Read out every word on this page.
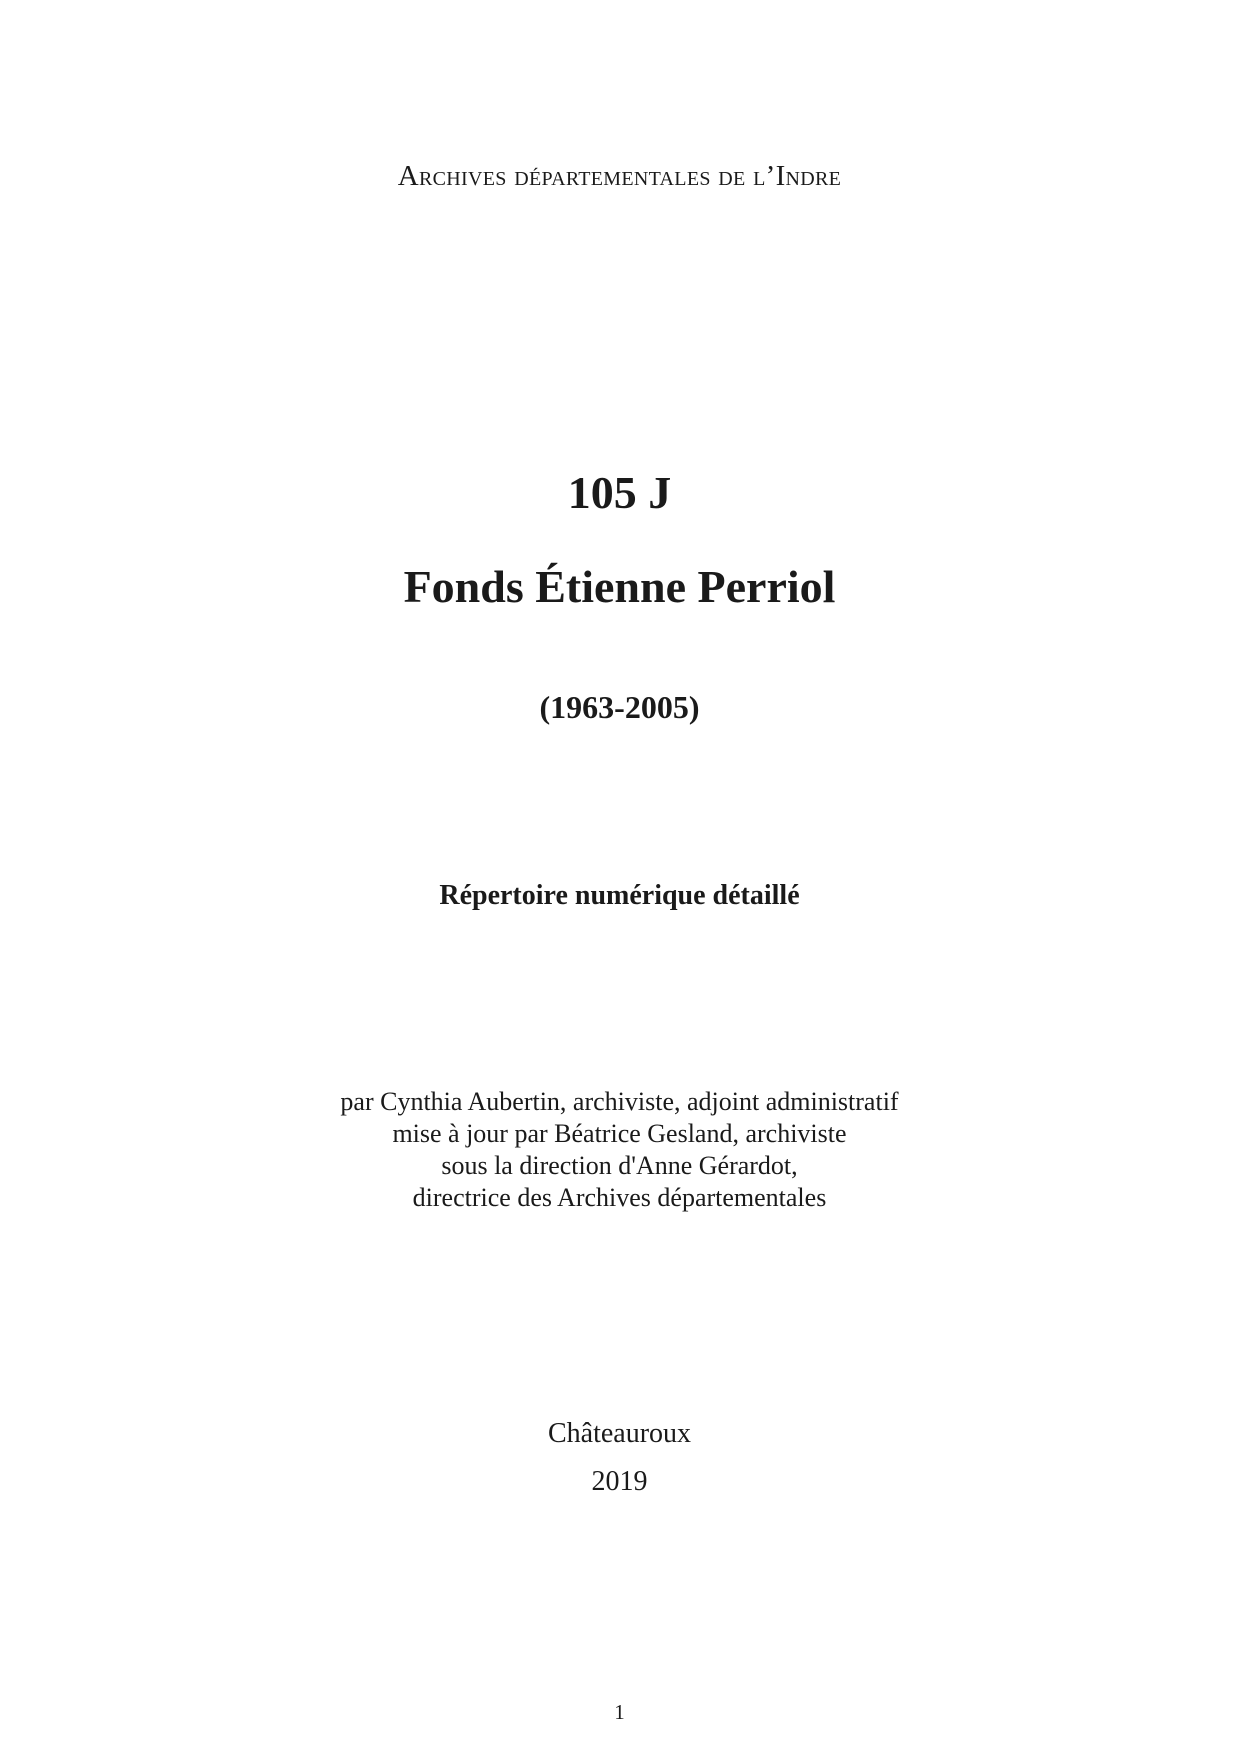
Archives départementales de l’Indre
105 J
Fonds Étienne Perriol
(1963-2005)
Répertoire numérique détaillé
par Cynthia Aubertin, archiviste, adjoint administratif
mise à jour par Béatrice Gesland, archiviste
sous la direction d'Anne Gérardot,
directrice des Archives départementales
Châteauroux
2019
1
